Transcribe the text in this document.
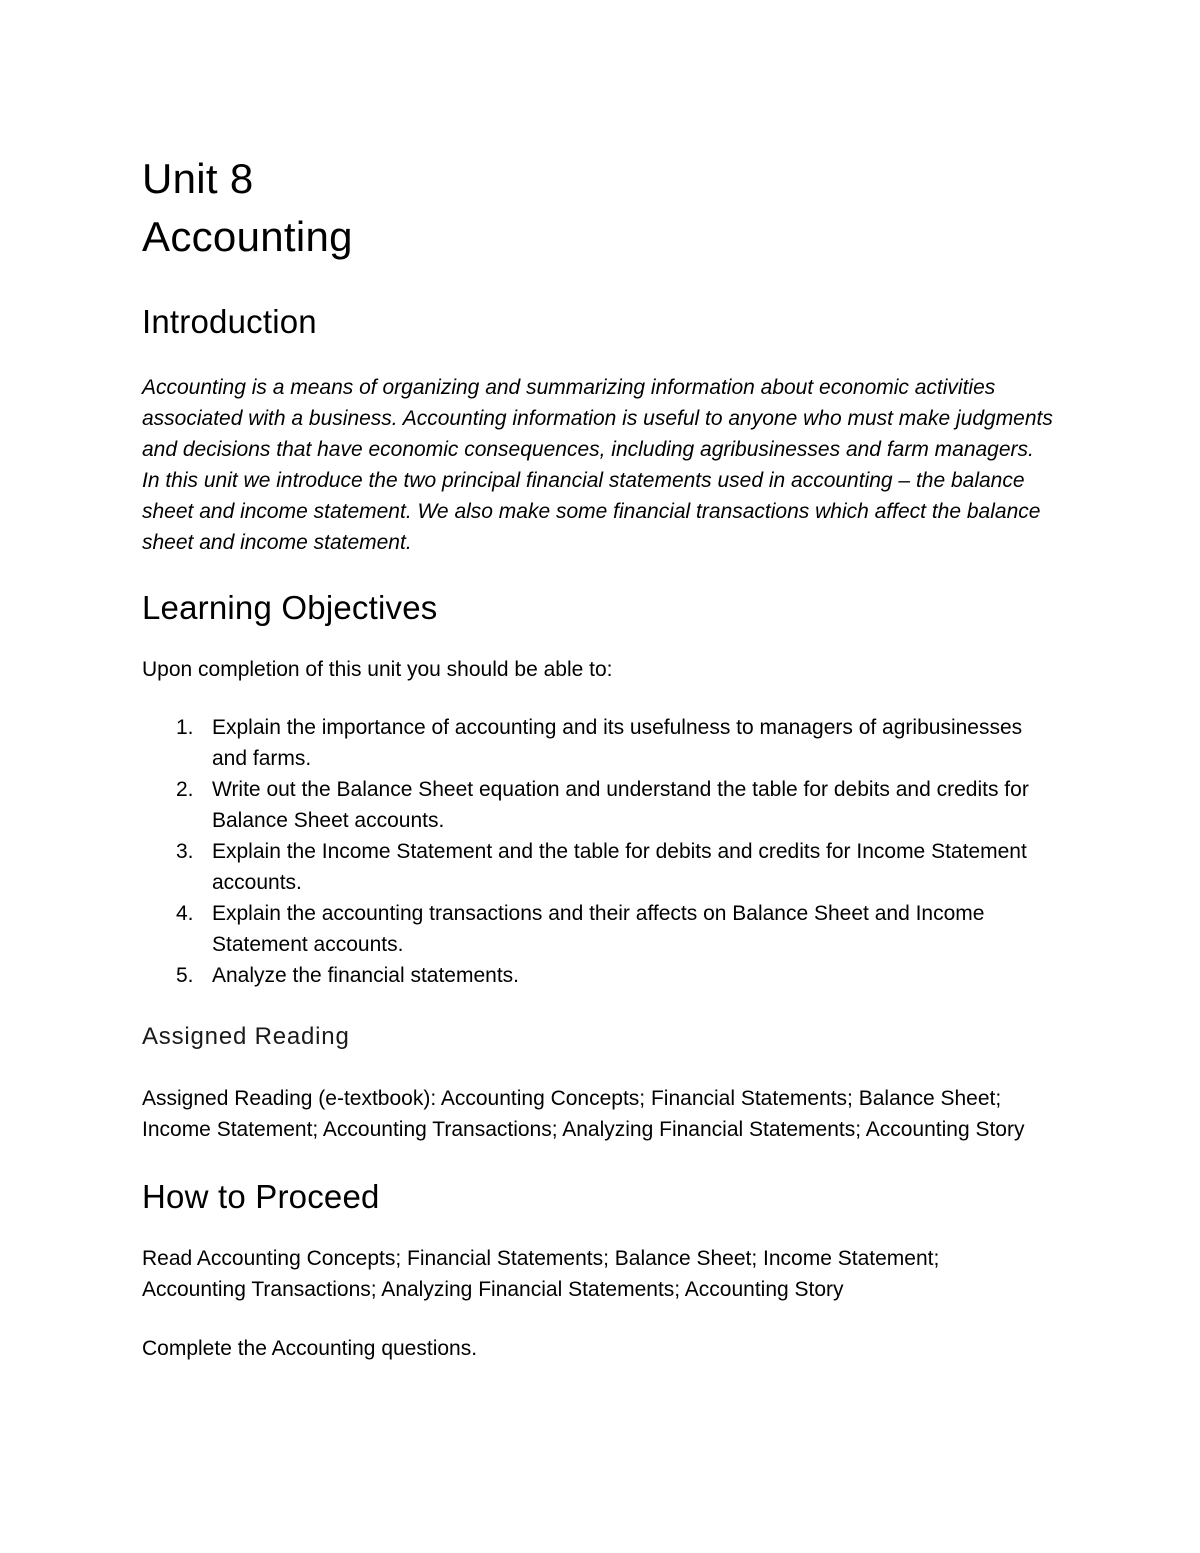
Unit 8
Accounting
Introduction

Accounting is a means of organizing and summarizing information about economic activities associated with a business. Accounting information is useful to anyone who must make judgments and decisions that have economic consequences, including agribusinesses and farm managers. In this unit we introduce the two principal financial statements used in accounting – the balance sheet and income statement. We also make some financial transactions which affect the balance sheet and income statement.

Learning Objectives

Upon completion of this unit you should be able to:

1. Explain the importance of accounting and its usefulness to managers of agribusinesses and farms.
2. Write out the Balance Sheet equation and understand the table for debits and credits for Balance Sheet accounts.
3. Explain the Income Statement and the table for debits and credits for Income Statement accounts.
4. Explain the accounting transactions and their affects on Balance Sheet and Income Statement accounts.
5. Analyze the financial statements.
Assigned Reading

Assigned Reading (e-textbook): Accounting Concepts; Financial Statements; Balance Sheet; Income Statement; Accounting Transactions; Analyzing Financial Statements; Accounting Story

How to Proceed

Read Accounting Concepts; Financial Statements; Balance Sheet; Income Statement; Accounting Transactions; Analyzing Financial Statements; Accounting Story

Complete the Accounting questions.
